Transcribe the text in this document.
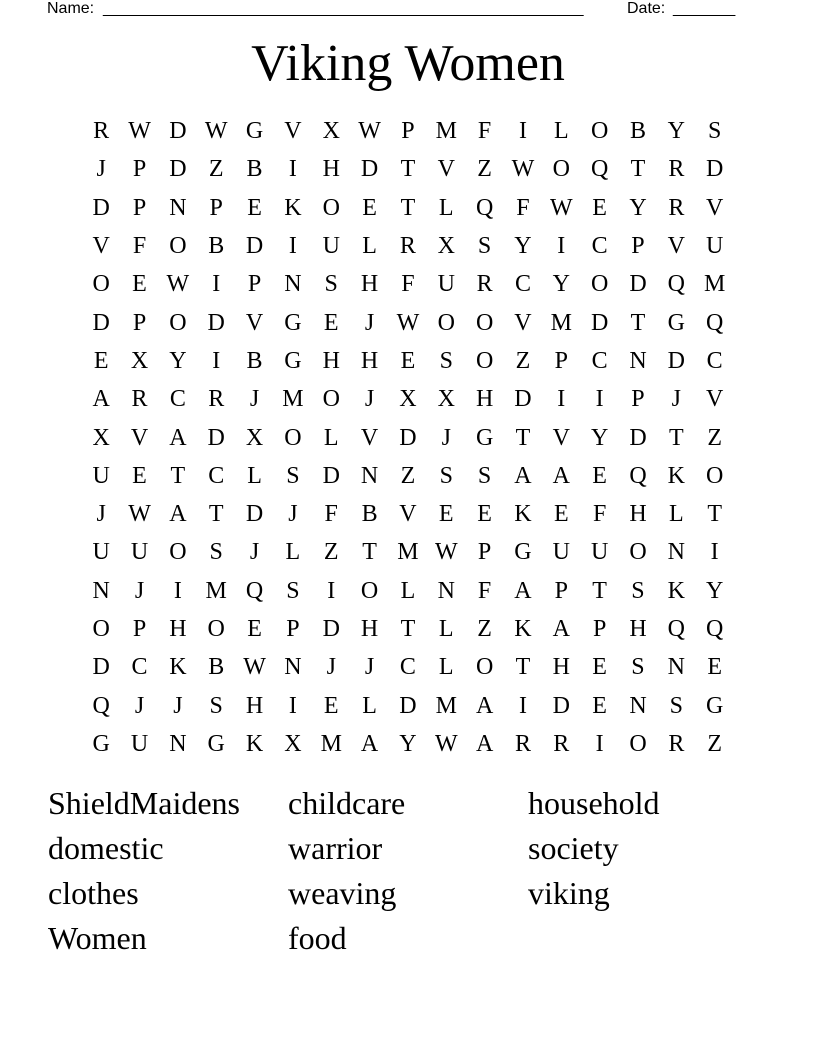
Name: ______________________________________________________	Date: _______
Viking Women
R W D W G V X W P M F	I	L O B Y S
J	P D Z B	I	H D T V Z W O Q T R D
D P N P	E K O E T L Q F W E Y R V
V F O B D	I	U L R X S Y	I	C P V U
O E W I	P N S H F U R C Y O D Q M
D P O D V G E	J W O O V M D T G Q
E X Y	I	B G H H E	S O Z	P C N D C
A R C R	J M O	J	X X H D	I	I	P	J	V
X V A D X O L V D	J	G T V Y D T Z
U E T C L	S D N Z	S	S A A E Q K O
J W A T D	J	F B V E E K E	F H L T
U U O S	J	L Z T M W P G U U O N	I
N	J	I M Q S	I	O L N F A P	T	S K Y
O P H O E	P D H T L Z K A P H Q Q
D C K B W N	J	J	C L O T H E	S N E
Q	J	J	S H	I	E L D M A	I	D E N S G
G U N G K X M A Y W A R R	I	O R Z
ShieldMaidens	childcare	household
domestic	warrior	society
clothes	weaving	viking
Women	food
